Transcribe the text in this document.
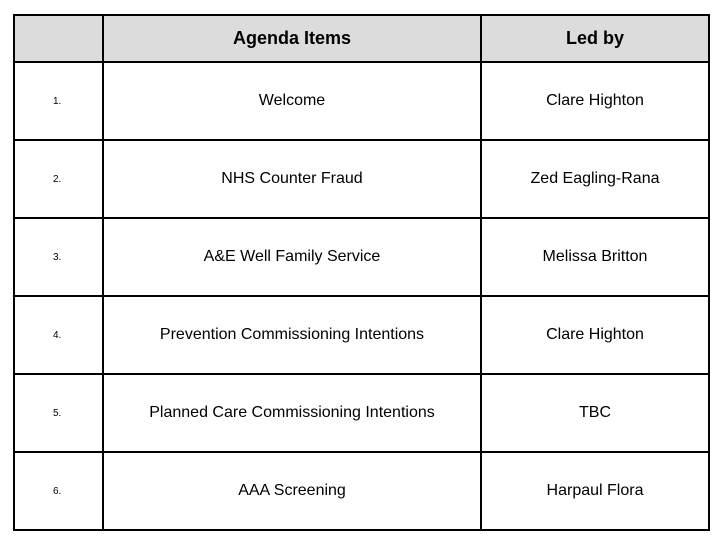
	Agenda Items	Led by
1.	Welcome	Clare Highton
2.	NHS Counter Fraud	Zed Eagling-Rana
3.	A&E Well Family Service	Melissa Britton
4.	Prevention Commissioning Intentions	Clare Highton
5.	Planned Care Commissioning Intentions	TBC
6.	AAA Screening	Harpaul Flora
